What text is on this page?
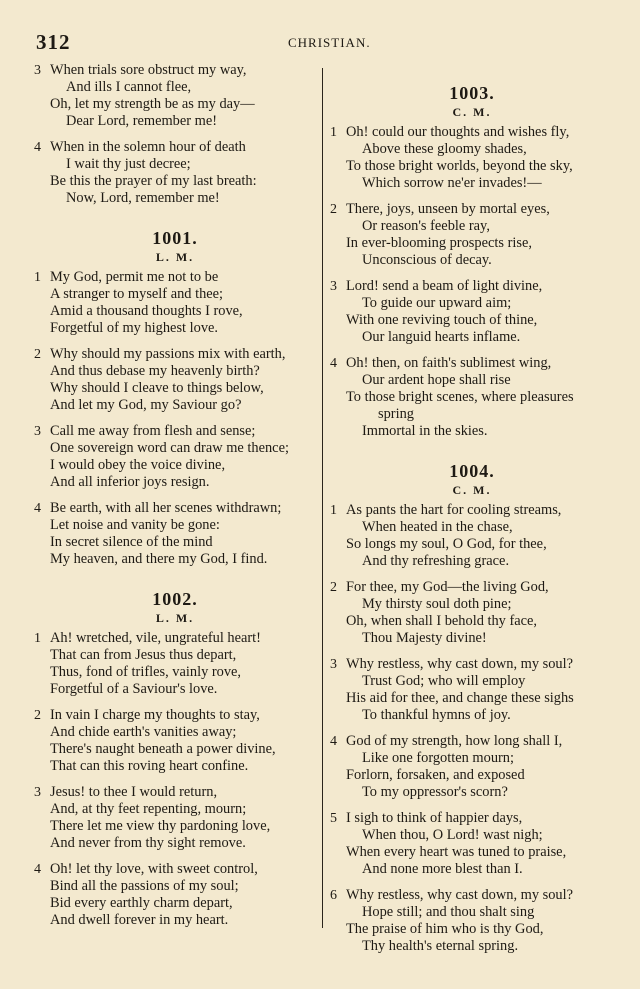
312	CHRISTIAN.
3 When trials sore obstruct my way,
And ills I cannot flee,
Oh, let my strength be as my day—
Dear Lord, remember me!
4 When in the solemn hour of death
I wait thy just decree;
Be this the prayer of my last breath:
Now, Lord, remember me!
1001.
L. M.
1 My God, permit me not to be
A stranger to myself and thee;
Amid a thousand thoughts I rove,
Forgetful of my highest love.
2 Why should my passions mix with earth,
And thus debase my heavenly birth?
Why should I cleave to things below,
And let my God, my Saviour go?
3 Call me away from flesh and sense;
One sovereign word can draw me thence;
I would obey the voice divine,
And all inferior joys resign.
4 Be earth, with all her scenes withdrawn;
Let noise and vanity be gone:
In secret silence of the mind
My heaven, and there my God, I find.
1002.
L. M.
1 Ah! wretched, vile, ungrateful heart!
That can from Jesus thus depart,
Thus, fond of trifles, vainly rove,
Forgetful of a Saviour's love.
2 In vain I charge my thoughts to stay,
And chide earth's vanities away;
There's naught beneath a power divine,
That can this roving heart confine.
3 Jesus! to thee I would return,
And, at thy feet repenting, mourn;
There let me view thy pardoning love,
And never from thy sight remove.
4 Oh! let thy love, with sweet control,
Bind all the passions of my soul;
Bid every earthly charm depart,
And dwell forever in my heart.
1003.
C. M.
1 Oh! could our thoughts and wishes fly,
Above these gloomy shades,
To those bright worlds, beyond the sky,
Which sorrow ne'er invades!—
2 There, joys, unseen by mortal eyes,
Or reason's feeble ray,
In ever-blooming prospects rise,
Unconscious of decay.
3 Lord! send a beam of light divine,
To guide our upward aim;
With one reviving touch of thine,
Our languid hearts inflame.
4 Oh! then, on faith's sublimest wing,
Our ardent hope shall rise
To those bright scenes, where pleasures
spring
Immortal in the skies.
1004.
C. M.
1 As pants the hart for cooling streams,
When heated in the chase,
So longs my soul, O God, for thee,
And thy refreshing grace.
2 For thee, my God—the living God,
My thirsty soul doth pine;
Oh, when shall I behold thy face,
Thou Majesty divine!
3 Why restless, why cast down, my soul?
Trust God; who will employ
His aid for thee, and change these sighs
To thankful hymns of joy.
4 God of my strength, how long shall I,
Like one forgotten mourn;
Forlorn, forsaken, and exposed
To my oppressor's scorn?
5 I sigh to think of happier days,
When thou, O Lord! wast nigh;
When every heart was tuned to praise,
And none more blest than I.
6 Why restless, why cast down, my soul?
Hope still; and thou shalt sing
The praise of him who is thy God,
Thy health's eternal spring.
